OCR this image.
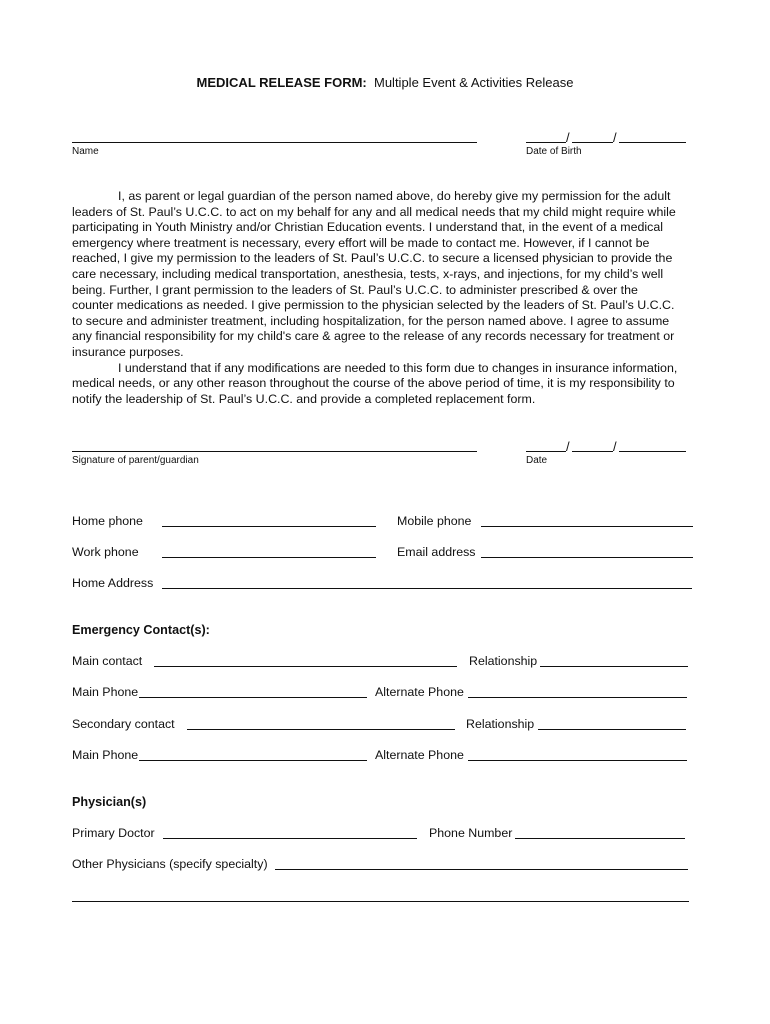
MEDICAL RELEASE FORM: Multiple Event & Activities Release
Name
/	/
Date of Birth
I, as parent or legal guardian of the person named above, do hereby give my permission for the adult
leaders of St. Paul’s U.C.C. to act on my behalf for any and all medical needs that my child might require while
participating in Youth Ministry and/or Christian Education events. I understand that, in the event of a medical
emergency where treatment is necessary, every effort will be made to contact me. However, if I cannot be
reached, I give my permission to the leaders of St. Paul’s U.C.C. to secure a licensed physician to provide the
care necessary, including medical transportation, anesthesia, tests, x-rays, and injections, for my child’s well
being. Further, I grant permission to the leaders of St. Paul’s U.C.C. to administer prescribed & over the
counter medications as needed. I give permission to the physician selected by the leaders of St. Paul’s U.C.C.
to secure and administer treatment, including hospitalization, for the person named above. I agree to assume
any financial responsibility for my child's care & agree to the release of any records necessary for treatment or
insurance purposes.
I understand that if any modifications are needed to this form due to changes in insurance information,
medical needs, or any other reason throughout the course of the above period of time, it is my responsibility to
notify the leadership of St. Paul’s U.C.C. and provide a completed replacement form.
Signature of parent/guardian
/	/
Date
Home phone	Mobile phone
Work phone	Email address
Home Address
Emergency Contact(s):
Main contact	Relationship
Main Phone	Alternate Phone
Secondary contact	Relationship
Main Phone	Alternate Phone
Physician(s)
Primary Doctor	Phone Number
Other Physicians (specify specialty)
